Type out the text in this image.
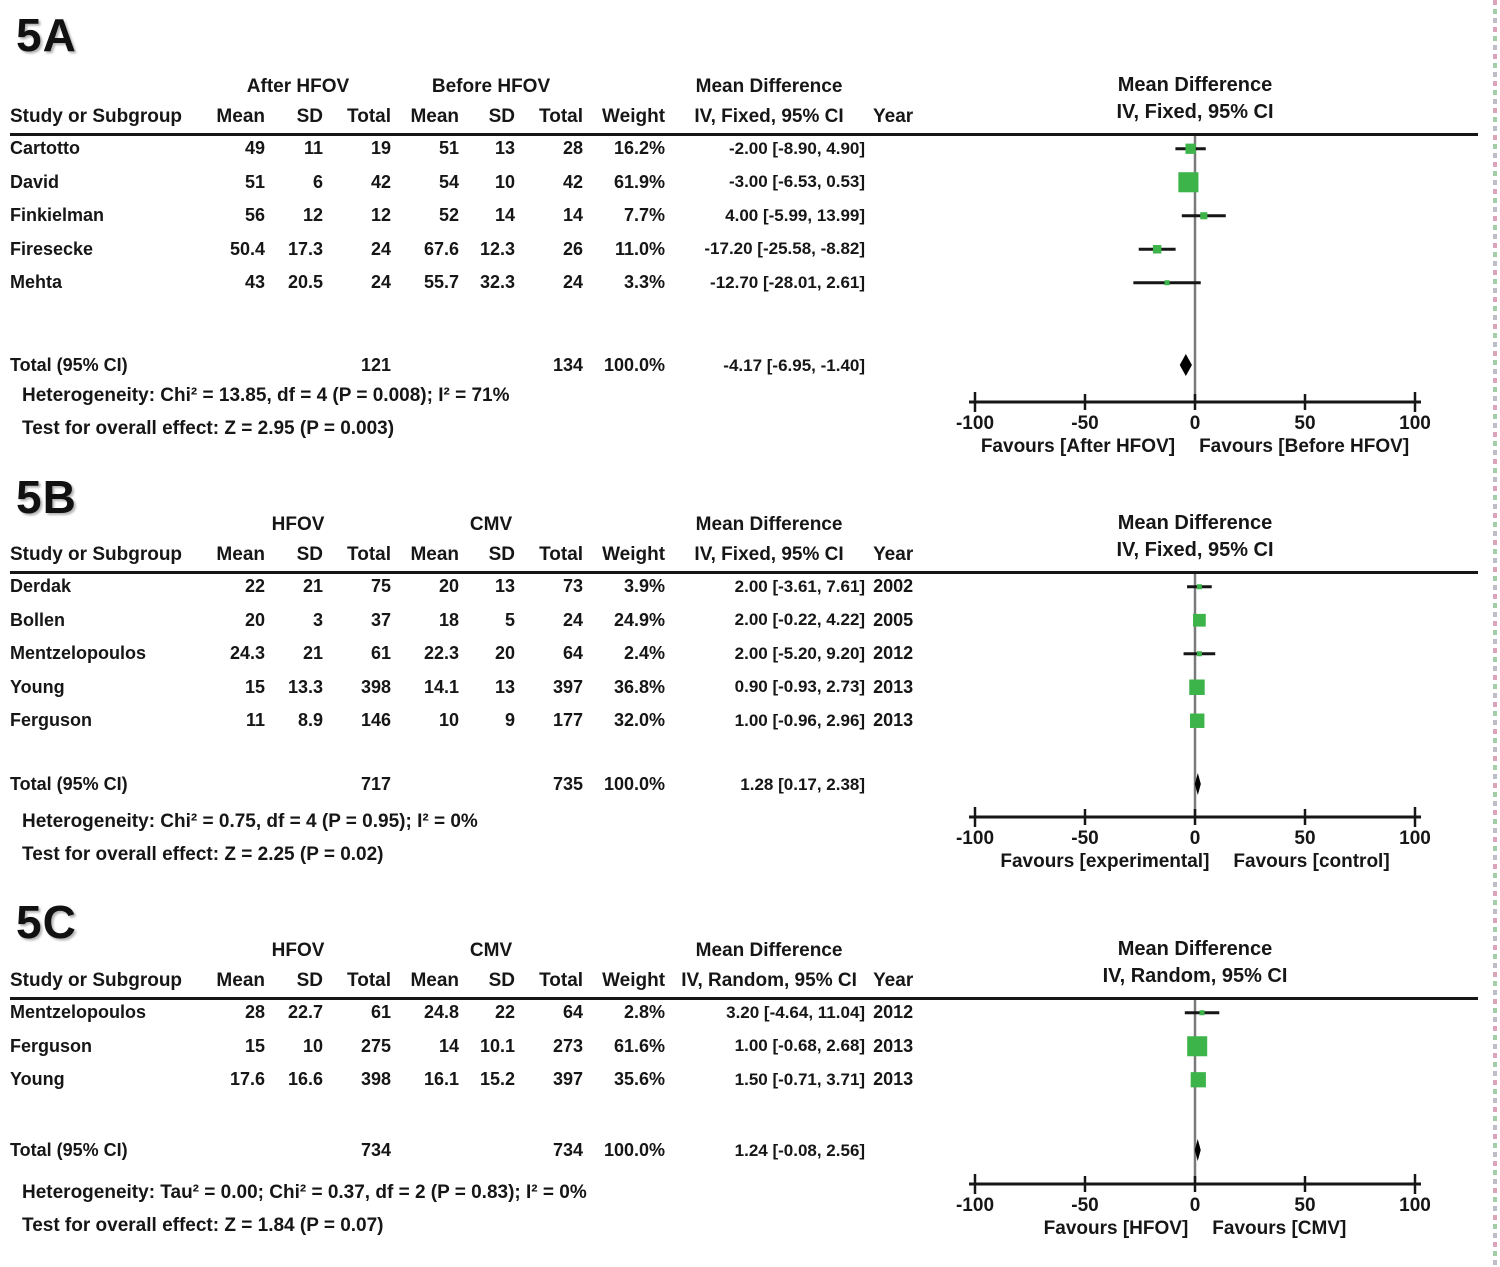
5A
Mean Difference
IV, Fixed, 95% CI
	After HFOV			Before HFOV				Mean Difference	
Study or Subgroup	Mean	SD	Total	Mean	SD	Total	Weight	IV, Fixed, 95% CI	Year
Cartotto	49	11	19	51	13	28	16.2%	-2.00 [-8.90, 4.90]	
David	51	6	42	54	10	42	61.9%	-3.00 [-6.53, 0.53]	
Finkielman	56	12	12	52	14	14	7.7%	4.00 [-5.99, 13.99]	
Firesecke	50.4	17.3	24	67.6	12.3	26	11.0%	-17.20 [-25.58, -8.82]	
Mehta	43	20.5	24	55.7	32.3	24	3.3%	-12.70 [-28.01, 2.61]	

Total (95% CI)			121			134	100.0%	-4.17 [-6.95, -1.40]	
-100	-50	0	50	100
Heterogeneity: Chi² = 13.85, df = 4 (P = 0.008); I² = 71%
Test for overall effect: Z = 2.95 (P = 0.003)
Favours [After HFOV] Favours [Before HFOV]
5B	Mean Difference
IV, Fixed, 95% CI
	HFOV			CMV				Mean Difference	
Study or Subgroup	Mean	SD	Total	Mean	SD	Total	Weight	IV, Fixed, 95% CI	Year
Derdak	22	21	75	20	13	73	3.9%	2.00 [-3.61, 7.61]	2002
Bollen	20	3	37	18	5	24	24.9%	2.00 [-0.22, 4.22]	2005
Mentzelopoulos	24.3	21	61	22.3	20	64	2.4%	2.00 [-5.20, 9.20]	2012
Young	15	13.3	398	14.1	13	397	36.8%	0.90 [-0.93, 2.73]	2013
Ferguson	11	8.9	146	10	9	177	32.0%	1.00 [-0.96, 2.96]	2013

Total (95% CI)			717			735	100.0%	1.28 [0.17, 2.38]	
-100	-50	0	50	100
Heterogeneity: Chi² = 0.75, df = 4 (P = 0.95); I² = 0%
Test for overall effect: Z = 2.25 (P = 0.02)	Favours [experimental] Favours [control]
5C
Mean Difference
IV, Random, 95% CI
	HFOV			CMV				Mean Difference	
Study or Subgroup	Mean	SD	Total	Mean	SD	Total	Weight	IV, Random, 95% CI	Year
Mentzelopoulos	28	22.7	61	24.8	22	64	2.8%	3.20 [-4.64, 11.04]	2012
Ferguson	15	10	275	14	10.1	273	61.6%	1.00 [-0.68, 2.68]	2013
Young	17.6	16.6	398	16.1	15.2	397	35.6%	1.50 [-0.71, 3.71]	2013

Total (95% CI)			734			734	100.0%	1.24 [-0.08, 2.56]	
-100	-50	0	50	100
Heterogeneity: Tau² = 0.00; Chi² = 0.37, df = 2 (P = 0.83); I² = 0%
Test for overall effect: Z = 1.84 (P = 0.07)	Favours [HFOV] Favours [CMV]
